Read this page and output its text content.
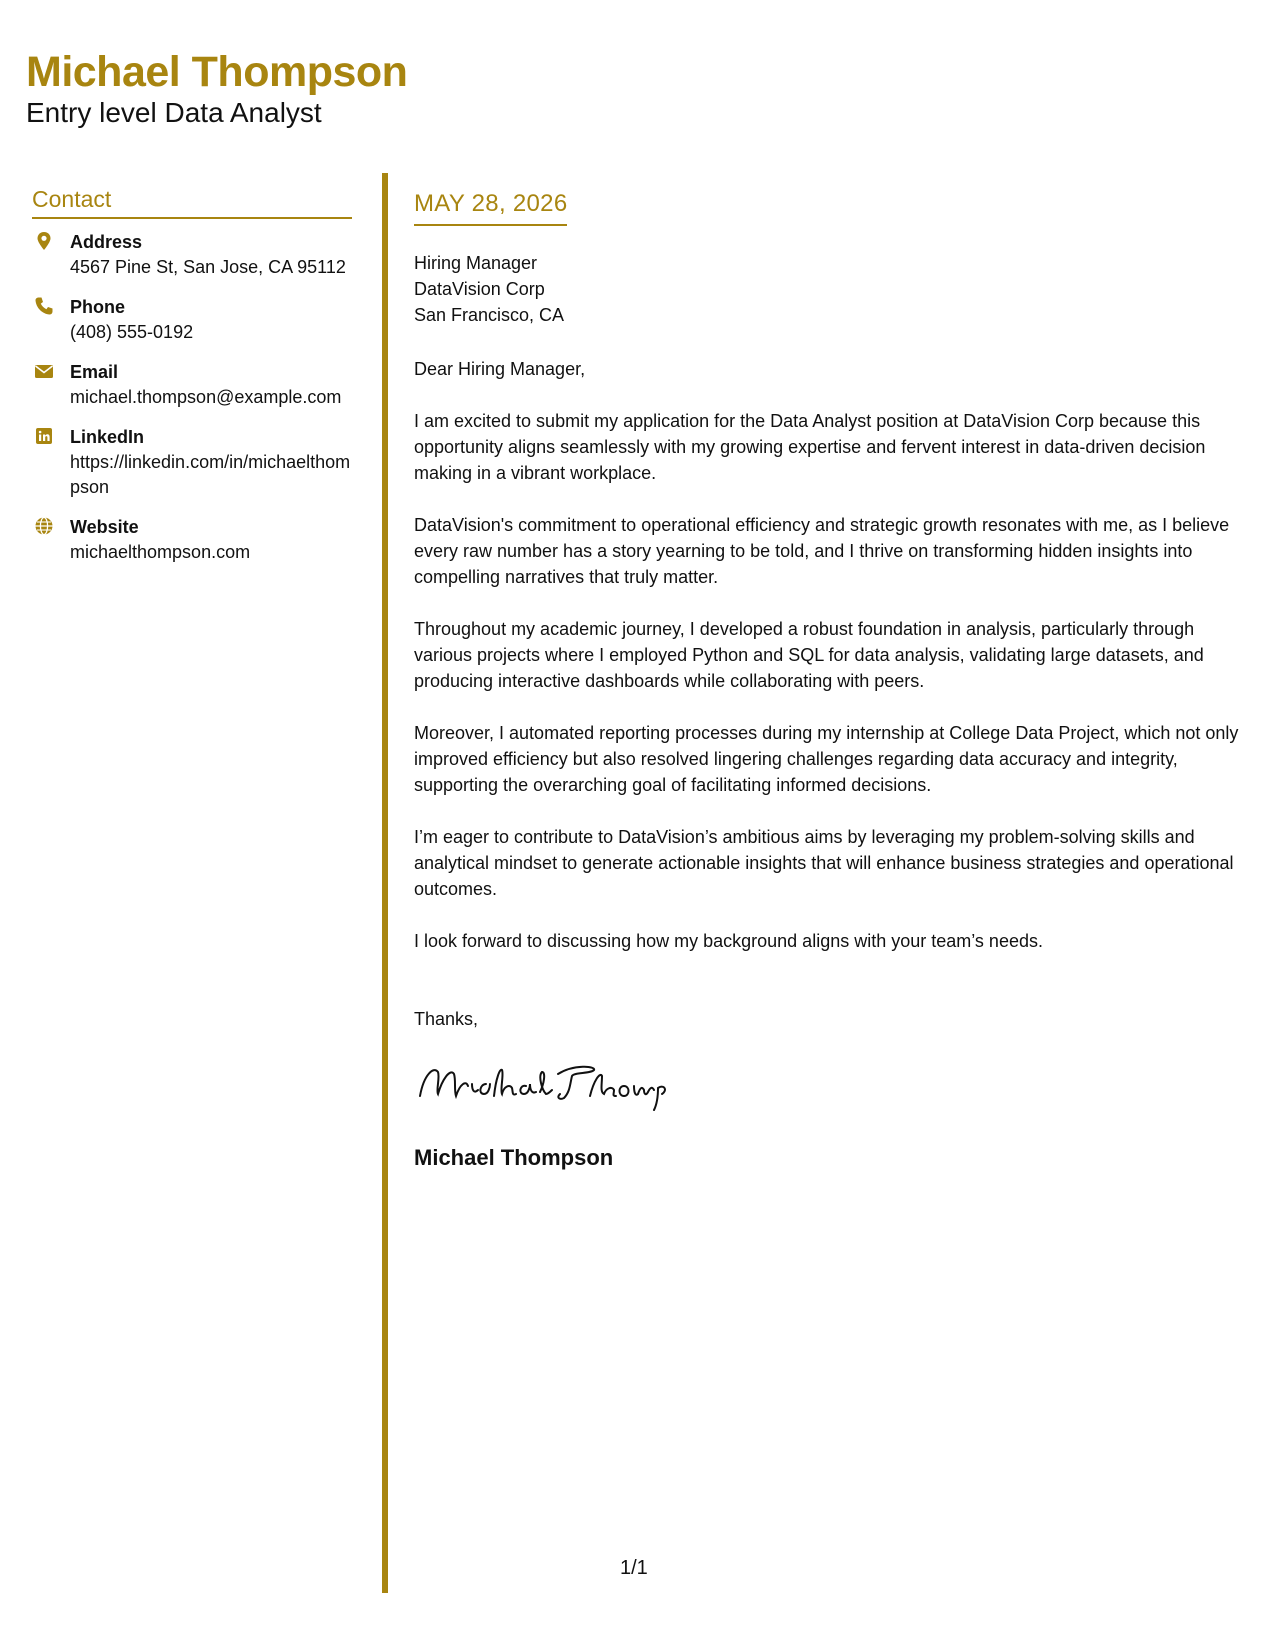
Michael Thompson
Entry level Data Analyst
Contact
Address
4567 Pine St, San Jose, CA 95112
Phone
(408) 555-0192
Email
michael.thompson@example.com
LinkedIn
https://linkedin.com/in/michaelthompson
Website
michaelthompson.com
MAY 28, 2026
Hiring Manager
DataVision Corp
San Francisco, CA
Dear Hiring Manager,

I am excited to submit my application for the Data Analyst position at DataVision Corp because this opportunity aligns seamlessly with my growing expertise and fervent interest in data-driven decision making in a vibrant workplace.

DataVision's commitment to operational efficiency and strategic growth resonates with me, as I believe every raw number has a story yearning to be told, and I thrive on transforming hidden insights into compelling narratives that truly matter.

Throughout my academic journey, I developed a robust foundation in analysis, particularly through various projects where I employed Python and SQL for data analysis, validating large datasets, and producing interactive dashboards while collaborating with peers.

Moreover, I automated reporting processes during my internship at College Data Project, which not only improved efficiency but also resolved lingering challenges regarding data accuracy and integrity, supporting the overarching goal of facilitating informed decisions.

I’m eager to contribute to DataVision’s ambitious aims by leveraging my problem-solving skills and analytical mindset to generate actionable insights that will enhance business strategies and operational outcomes.

I look forward to discussing how my background aligns with your team’s needs.

Thanks,
Michael Thompson
1/1
